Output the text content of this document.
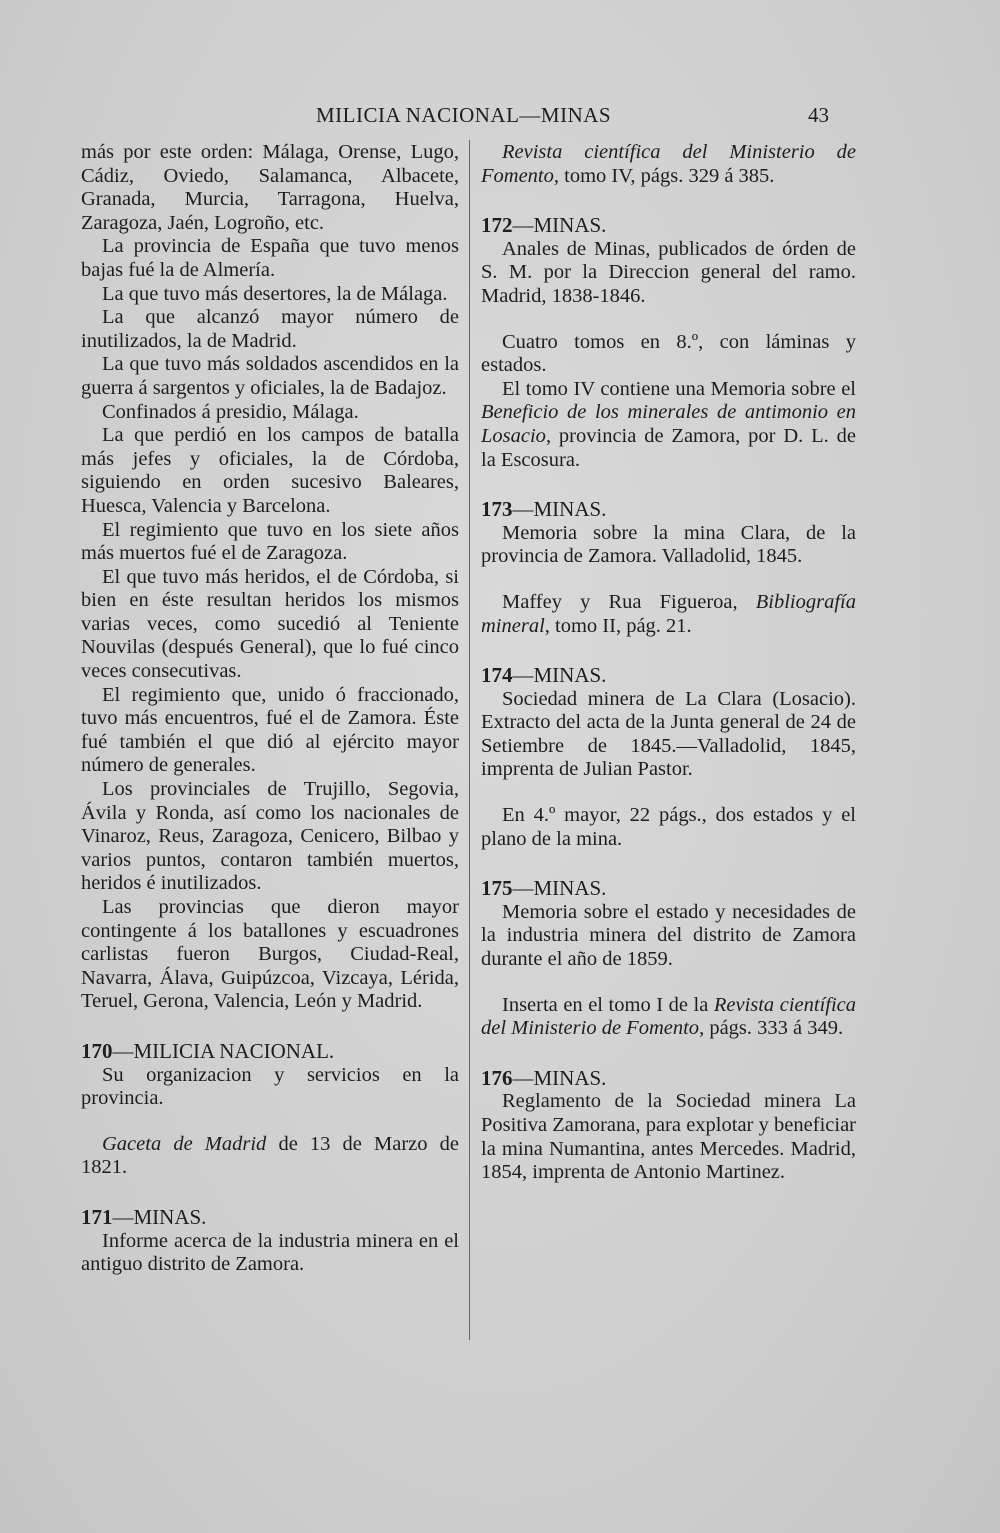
MILICIA NACIONAL—MINAS	43

más por este orden: Málaga, Orense, Lugo, Cádiz, Oviedo, Salamanca, Albacete, Granada, Murcia, Tarragona, Huelva, Zaragoza, Jaén, Logroño, etc.

La provincia de España que tuvo menos bajas fué la de Almería.

La que tuvo más desertores, la de Málaga.

La que alcanzó mayor número de inutilizados, la de Madrid.

La que tuvo más soldados ascendidos en la guerra á sargentos y oficiales, la de Badajoz.

Confinados á presidio, Málaga.

La que perdió en los campos de batalla más jefes y oficiales, la de Córdoba, siguiendo en orden sucesivo Baleares, Huesca, Valencia y Barcelona.

El regimiento que tuvo en los siete años más muertos fué el de Zaragoza.

El que tuvo más heridos, el de Córdoba, si bien en éste resultan heridos los mismos varias veces, como sucedió al Teniente Nouvilas (después General), que lo fué cinco veces consecutivas.

El regimiento que, unido ó fraccionado, tuvo más encuentros, fué el de Zamora. Éste fué también el que dió al ejército mayor número de generales.

Los provinciales de Trujillo, Segovia, Ávila y Ronda, así como los nacionales de Vinaroz, Reus, Zaragoza, Cenicero, Bilbao y varios puntos, contaron también muertos, heridos é inutilizados.

Las provincias que dieron mayor contingente á los batallones y escuadrones carlistas fueron Burgos, Ciudad-Real, Navarra, Álava, Guipúzcoa, Vizcaya, Lérida, Teruel, Gerona, Valencia, León y Madrid.

170—MILICIA NACIONAL.

Su organizacion y servicios en la provincia.

Gaceta de Madrid de 13 de Marzo de 1821.

171—MINAS.

Informe acerca de la industria minera en el antiguo distrito de Zamora.

Revista científica del Ministerio de Fomento, tomo IV, págs. 329 á 385.

172—MINAS.

Anales de Minas, publicados de órden de S. M. por la Direccion general del ramo. Madrid, 1838-1846.

Cuatro tomos en 8.º, con láminas y estados.

El tomo IV contiene una Memoria sobre el Beneficio de los minerales de antimonio en Losacio, provincia de Zamora, por D. L. de la Escosura.

173—MINAS.

Memoria sobre la mina Clara, de la provincia de Zamora. Valladolid, 1845.

Maffey y Rua Figueroa, Bibliografía mineral, tomo II, pág. 21.

174—MINAS.

Sociedad minera de La Clara (Losacio). Extracto del acta de la Junta general de 24 de Setiembre de 1845.—Valladolid, 1845, imprenta de Julian Pastor.

En 4.º mayor, 22 págs., dos estados y el plano de la mina.

175—MINAS.

Memoria sobre el estado y necesidades de la industria minera del distrito de Zamora durante el año de 1859.

Inserta en el tomo I de la Revista científica del Ministerio de Fomento, págs. 333 á 349.

176—MINAS.

Reglamento de la Sociedad minera La Positiva Zamorana, para explotar y beneficiar la mina Numantina, antes Mercedes. Madrid, 1854, imprenta de Antonio Martinez.
